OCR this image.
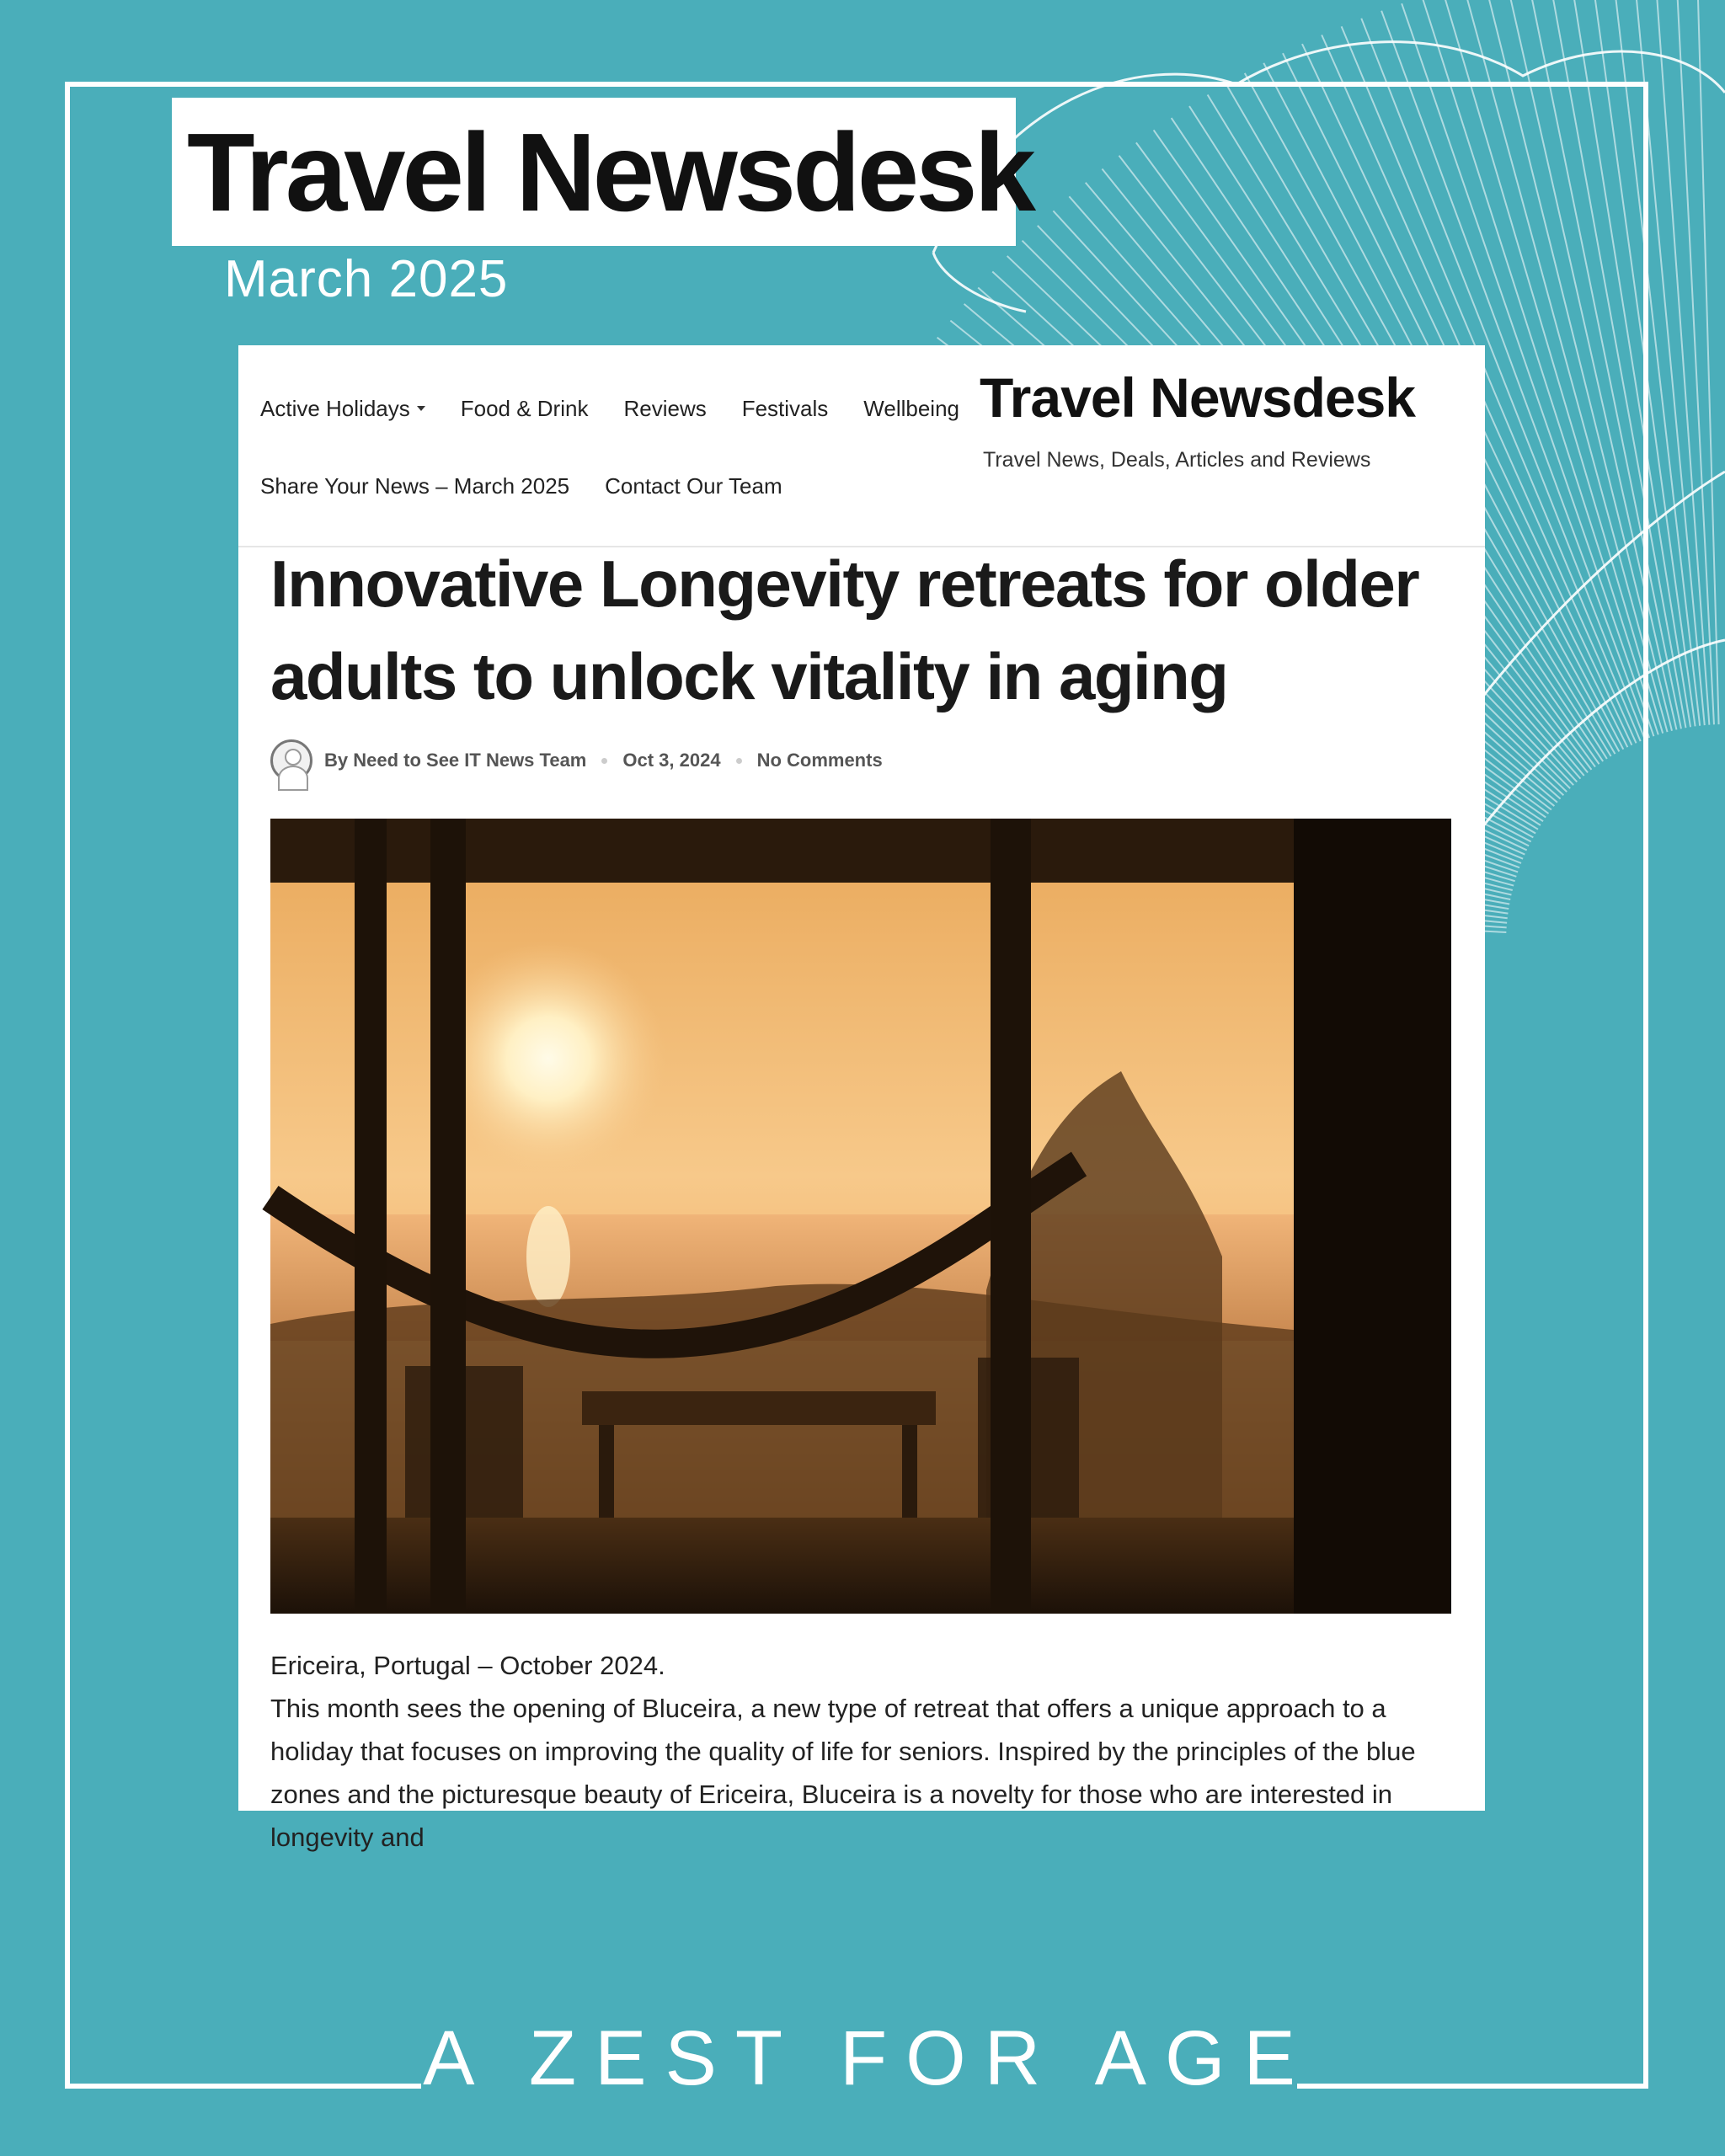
Travel Newsdesk
March 2025
Active Holidays Food & Drink Reviews Festivals Wellbeing
Share Your News – March 2025 Contact Our Team
Travel Newsdesk
Travel News, Deals, Articles and Reviews
Innovative Longevity retreats for older adults to unlock vitality in aging
By Need to See IT News Team Oct 3, 2024 No Comments

Ericeira, Portugal – October 2024.

This month sees the opening of Bluceira, a new type of retreat that offers a unique approach to a holiday that focuses on improving the quality of life for seniors. Inspired by the principles of the blue zones and the picturesque beauty of Ericeira, Bluceira is a novelty for those who are interested in longevity and

A ZEST FOR AGE
